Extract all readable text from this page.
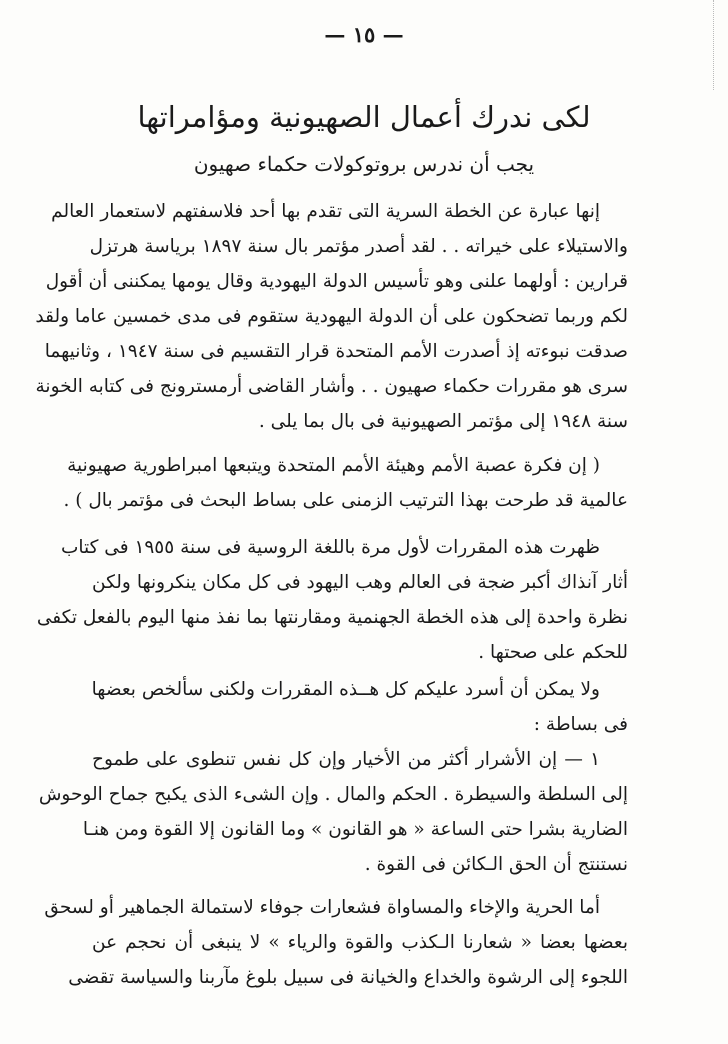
— ١٥ —
لكى ندرك أعمال الصهيونية ومؤامراتها
يجب أن ندرس بروتوكولات حكماء صهيون
إنها عبارة عن الخطة السرية التى تقدم بها أحد فلاسفتهم لاستعمار العالم
والاستيلاء على خيراته . . لقد أصدر مؤتمر بال سنة ١٨٩٧ برياسة هرتزل
قرارين : أولهما علنى وهو تأسيس الدولة اليهودية وقال يومها يمكننى أن أقول
لكم وربما تضحكون على أن الدولة اليهودية ستقوم فى مدى خمسين عاما ولقد
صدقت نبوءته إذ أصدرت الأمم المتحدة قرار التقسيم فى سنة ١٩٤٧ ، وثانيهما
سرى هو مقررات حكماء صهيون . . وأشار القاضى أرمسترونج فى كتابه الخونة
سنة ١٩٤٨ إلى مؤتمر الصهيونية فى بال بما يلى .
( إن فكرة عصبة الأمم وهيئة الأمم المتحدة ويتبعها امبراطورية صهيونية
عالمية قد طرحت بهذا الترتيب الزمنى على بساط البحث فى مؤتمر بال ) .
ظهرت هذه المقررات لأول مرة باللغة الروسية فى سنة ١٩٥٥ فى كتاب
أثار آنذاك أكبر ضجة فى العالم وهب اليهود فى كل مكان ينكرونها ولكن
نظرة واحدة إلى هذه الخطة الجهنمية ومقارنتها بما نفذ منها اليوم بالفعل تكفى
للحكم على صحتها .
ولا يمكن أن أسرد عليكم كل هــذه المقررات ولكنى سألخص بعضها
فى بساطة :
١ — إن الأشرار أكثر من الأخيار وإن كل نفس تنطوى على طموح
إلى السلطة والسيطرة . الحكم والمال . وإن الشىء الذى يكبح جماح الوحوش
الضارية بشرا حتى الساعة « هو القانون » وما القانون إلا القوة ومن هنـا
نستنتج أن الحق الـكائن فى القوة .
أما الحرية والإخاء والمساواة فشعارات جوفاء لاستمالة الجماهير أو لسحق
بعضها بعضا « شعارنا الـكذب والقوة والرياء » لا ينبغى أن نحجم عن
اللجوء إلى الرشوة والخداع والخيانة فى سبيل بلوغ مآربنا والسياسة تقضى
